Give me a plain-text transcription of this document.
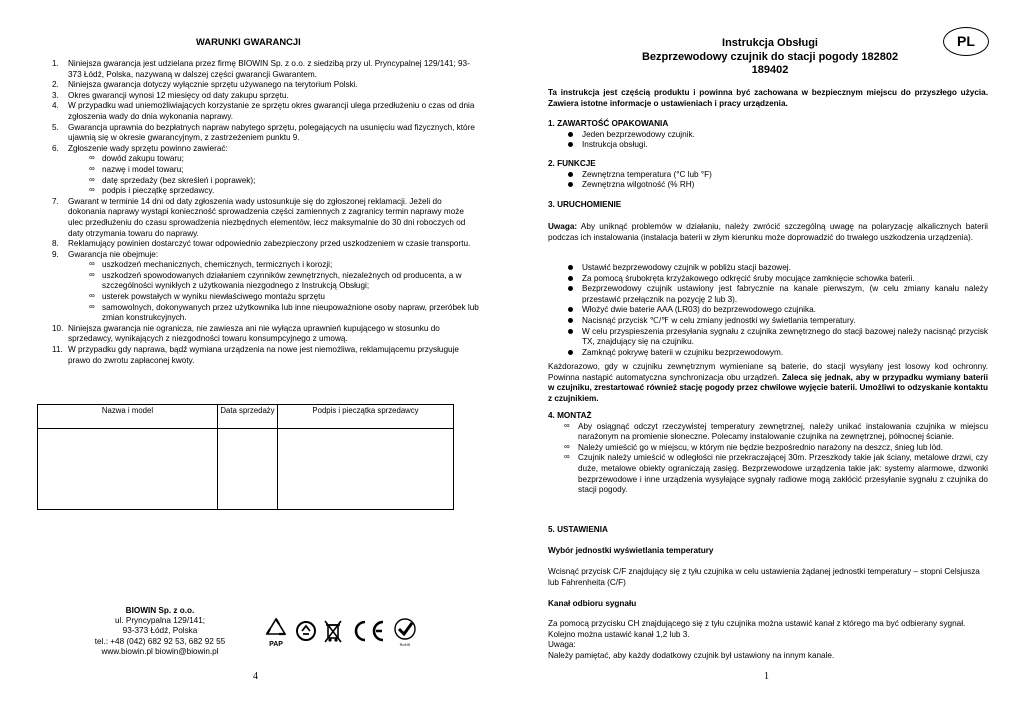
WARUNKI GWARANCJI
1. Niniejsza gwarancja jest udzielana przez firmę BIOWIN Sp. z o.o. z siedzibą przy ul. Pryncypalnej 129/141; 93-373 Łódź, Polska, nazywaną w dalszej części gwarancji Gwarantem.
2. Niniejsza gwarancja dotyczy wyłącznie sprzętu używanego na terytorium Polski.
3. Okres gwarancji wynosi 12 miesięcy od daty zakupu sprzętu.
4. W przypadku wad uniemożliwiających korzystanie ze sprzętu okres gwarancji ulega przedłużeniu o czas od dnia zgłoszenia wady do dnia wykonania naprawy.
5. Gwarancja uprawnia do bezpłatnych napraw nabytego sprzętu, polegających na usunięciu wad fizycznych, które ujawnią się w okresie gwarancyjnym, z zastrzeżeniem punktu 9.
6. Zgłoszenie wady sprzętu powinno zawierać:
∞ dowód zakupu towaru;
∞ nazwę i model towaru;
∞ datę sprzedaży (bez skreśleń i poprawek);
∞ podpis i pieczątkę sprzedawcy.
7. Gwarant w terminie 14 dni od daty zgłoszenia wady ustosunkuje się do zgłoszonej reklamacji. Jeżeli do dokonania naprawy wystąpi konieczność sprowadzenia części zamiennych z zagranicy termin naprawy może ulec przedłużeniu do czasu sprowadzenia niezbędnych elementów, lecz maksymalnie do 30 dni roboczych od daty otrzymania towaru do naprawy.
8. Reklamujący powinien dostarczyć towar odpowiednio zabezpieczony przed uszkodzeniem w czasie transportu.
9. Gwarancja nie obejmuje:
∞ uszkodzeń mechanicznych, chemicznych, termicznych i korozji;
∞ uszkodzeń spowodowanych działaniem czynników zewnętrznych, niezależnych od producenta, a w szczególności wynikłych z użytkowania niezgodnego z Instrukcją Obsługi;
∞ usterek powstałych w wyniku niewłaściwego montażu sprzętu
∞ samowolnych, dokonywanych przez użytkownika lub inne nieupoważnione osoby napraw, przeróbek lub zmian konstrukcyjnych.
10. Niniejsza gwarancja nie ogranicza, nie zawiesza ani nie wyłącza uprawnień kupującego w stosunku do sprzedawcy, wynikających z niezgodności towaru konsumpcyjnego z umową.
11. W przypadku gdy naprawa, bądź wymiana urządzenia na nowe jest niemożliwa, reklamującemu przysługuje prawo do zwrotu zapłaconej kwoty.
Nazwa i model	Data sprzedaży	Podpis i pieczątka sprzedawcy

BIOWIN Sp. z o.o.
ul. Pryncypalna 129/141;
93-373 Łódź, Polska
tel.: +48 (042) 682 92 53, 682 92 55
www.biowin.pl biowin@biowin.pl
PAP	RoHS
4
Instrukcja Obsługi
Bezprzewodowy czujnik do stacji pogody 182802
189402
PL
Ta instrukcja jest częścią produktu i powinna być zachowana w bezpiecznym miejscu do przyszłego użycia. Zawiera istotne informacje o ustawieniach i pracy urządzenia.
1. ZAWARTOŚĆ OPAKOWANIA
Jeden bezprzewodowy czujnik.
Instrukcja obsługi.
2. FUNKCJE
Zewnętrzna temperatura (°C lub °F)
Zewnętrzna wilgotność (% RH)
3. URUCHOMIENIE
Uwaga: Aby uniknąć problemów w działaniu, należy zwrócić szczególną uwagę na polaryzację alkalicznych baterii podczas ich instalowania (instalacja baterii w złym kierunku może doprowadzić do trwałego uszkodzenia urządzenia).
Ustawić bezprzewodowy czujnik w pobliżu stacji bazowej.
Za pomocą śrubokręta krzyżakowego odkręcić śruby mocujące zamknięcie schowka baterii.
Bezprzewodowy czujnik ustawiony jest fabrycznie na kanale pierwszym, (w celu zmiany kanału należy przestawić przełącznik na pozycję 2 lub 3).
Włożyć dwie baterie AAA (LR03) do bezprzewodowego czujnika.
Nacisnąć przycisk ℃/℉ w celu zmiany jednostki wy świetlania temperatury.
W celu przyspieszenia przesyłania sygnału z czujnika zewnętrznego do stacji bazowej należy nacisnąć przycisk TX, znajdujący się na czujniku.
Zamknąć pokrywę baterii w czujniku bezprzewodowym.
Każdorazowo, gdy w czujniku zewnętrznym wymieniane są baterie, do stacji wysyłany jest losowy kod ochronny. Powinna nastąpić automatyczna synchronizacja obu urządzeń. Zaleca się jednak, aby w przypadku wymiany baterii w czujniku, zrestartować również stację pogody przez chwilowe wyjęcie baterii. Umożliwi to odzyskanie kontaktu z czujnikiem.
4. MONTAŻ
∞ Aby osiągnąć odczyt rzeczywistej temperatury zewnętrznej, należy unikać instalowania czujnika w miejscu narażonym na promienie słoneczne. Polecamy instalowanie czujnika na zewnętrznej, północnej ścianie.
∞ Należy umieścić go w miejscu, w którym nie będzie bezpośrednio narażony na deszcz, śnieg lub lód.
∞ Czujnik należy umieścić w odległości nie przekraczającej 30m. Przeszkody takie jak ściany, metalowe drzwi, czy duże, metalowe obiekty ograniczają zasięg. Bezprzewodowe urządzenia takie jak: systemy alarmowe, dzwonki bezprzewodowe i inne urządzenia wysyłające sygnały radiowe mogą zakłócić przesyłanie sygnału z czujnika do stacji pogody.
5. USTAWIENIA
Wybór jednostki wyświetlania temperatury
Wcisnąć przycisk C/F znajdujący się z tyłu czujnika w celu ustawienia żądanej jednostki temperatury – stopni Celsjusza lub Fahrenheita (C/F)
Kanał odbioru sygnału
Za pomocą przycisku CH znajdującego się z tyłu czujnika można ustawić kanał z którego ma być odbierany sygnał.
Kolejno można ustawić kanał 1,2 lub 3.
Uwaga:
Należy pamiętać, aby każdy dodatkowy czujnik był ustawiony na innym kanale.
1
